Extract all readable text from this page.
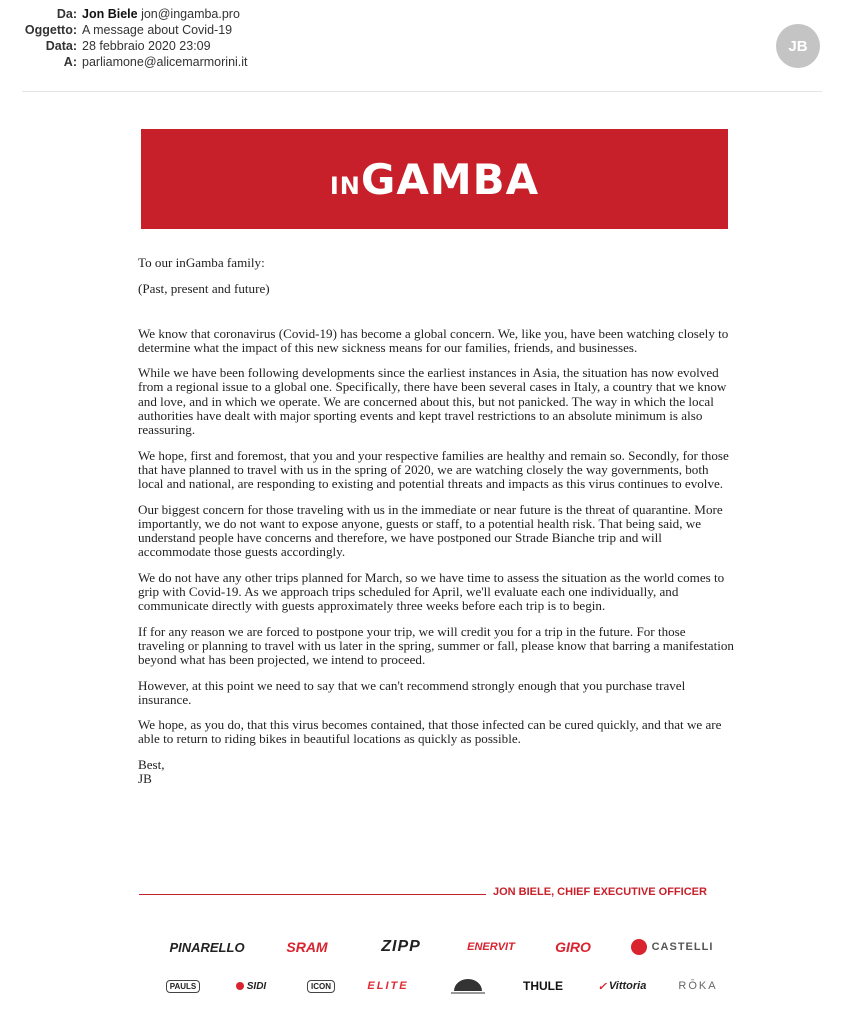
Da: Jon Biele jon@ingamba.pro
Oggetto: A message about Covid-19
Data: 28 febbraio 2020 23:09
A: parliamone@alicemarmorini.it
JB
INGAMBA

To our inGamba family:

(Past, present and future)

We know that coronavirus (Covid-19) has become a global concern. We, like you, have been watching closely to determine what the impact of this new sickness means for our families, friends, and businesses.

While we have been following developments since the earliest instances in Asia, the situation has now evolved from a regional issue to a global one. Specifically, there have been several cases in Italy, a country that we know and love, and in which we operate. We are concerned about this, but not panicked. The way in which the local authorities have dealt with major sporting events and kept travel restrictions to an absolute minimum is also reassuring.

We hope, first and foremost, that you and your respective families are healthy and remain so. Secondly, for those that have planned to travel with us in the spring of 2020, we are watching closely the way governments, both local and national, are responding to existing and potential threats and impacts as this virus continues to evolve.

Our biggest concern for those traveling with us in the immediate or near future is the threat of quarantine. More importantly, we do not want to expose anyone, guests or staff, to a potential health risk. That being said, we understand people have concerns and therefore, we have postponed our Strade Bianche trip and will accommodate those guests accordingly.

We do not have any other trips planned for March, so we have time to assess the situation as the world comes to grip with Covid-19. As we approach trips scheduled for April, we'll evaluate each one individually, and communicate directly with guests approximately three weeks before each trip is to begin.

If for any reason we are forced to postpone your trip, we will credit you for a trip in the future. For those traveling or planning to travel with us later in the spring, summer or fall, please know that barring a manifestation beyond what has been projected, we intend to proceed.

However, at this point we need to say that we can't recommend strongly enough that you purchase travel insurance.

We hope, as you do, that this virus becomes contained, that those infected can be cured quickly, and that we are able to return to riding bikes in beautiful locations as quickly as possible.

Best,

JB

JON BIELE, CHIEF EXECUTIVE OFFICER
PINARELLO	SRAM	ZIPP	ENERVIT	GIRO	CASTELLI
PAULS	SIDI	ICON	ELITE	THULE	✓ Vittoria	RŌKA
